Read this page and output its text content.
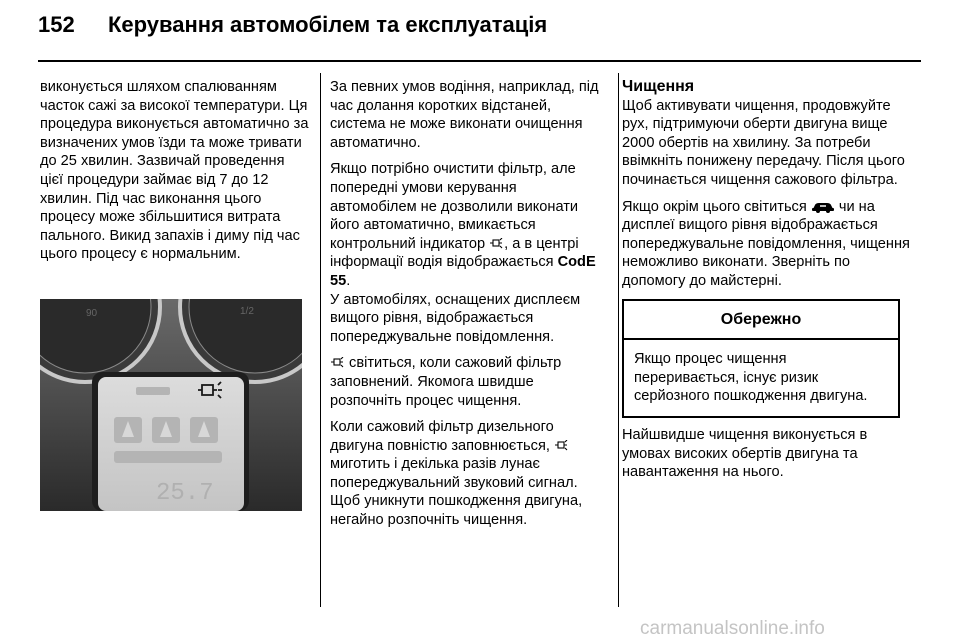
152 Керування автомобілем та експлуатація

виконується шляхом спалюванням часток сажі за високої температури. Ця процедура виконується автоматично за визначених умов їзди та може тривати до 25 хвилин. Зазвичай проведення цієї процедури займає від 7 до 12 хвилин. Під час виконання цього процесу може збільшитися витрата пального. Викид запахів і диму під час цього процесу є нормальним.

90	1/2
25.7

За певних умов водіння, наприклад, під час долання коротких відстаней, система не може виконати очищення автоматично.

Якщо потрібно очистити фільтр, але попередні умови керування автомобілем не дозволили виконати його автоматично, вмикається контрольний індикатор , а в центрі інформації водія відображається CodE 55.

У автомобілях, оснащених дисплеєм вищого рівня, відображається попереджувальне повідомлення.

світиться, коли сажовий фільтр заповнений. Якомога швидше розпочніть процес чищення.

Коли сажовий фільтр дизельного двигуна повністю заповнюється,  миготить і декілька разів лунає попереджувальний звуковий сигнал. Щоб уникнути пошкодження двигуна, негайно розпочніть чищення.

Чищення

Щоб активувати чищення, продовжуйте рух, підтримуючи оберти двигуна вище 2000 обертів на хвилину. За потреби ввімкніть понижену передачу. Після цього починається чищення сажового фільтра.

Якщо окрім цього світиться  чи на дисплеї вищого рівня відображається попереджувальне повідомлення, чищення неможливо виконати. Зверніть по допомогу до майстерні.

Обережно
Якщо процес чищення переривається, існує ризик серйозного пошкодження двигуна.

Найшвидше чищення виконується в умовах високих обертів двигуна та навантаження на нього.

carmanualsonline.info
